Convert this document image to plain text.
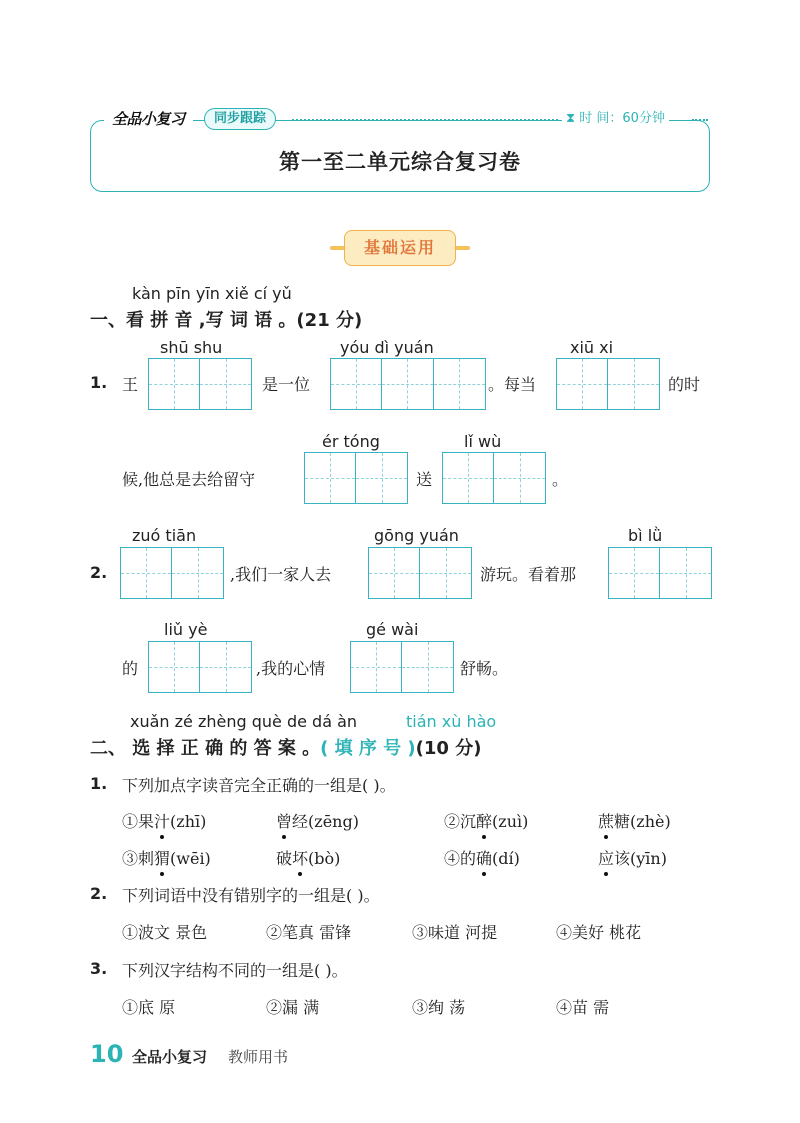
全品小复习	同步跟踪	⧗ 时 间：60分钟
第一至二单元综合复习卷
基础运用
kàn pīn yīn xiě cí yǔ
一、看 拼 音 ,写 词 语 。(21 分)
1. 王
shū shu
是一位
yóu dì yuán
。每当
xiū xi
的时
候,他总是去给留守
ér tóng
送
lǐ wù
。
2.
zuó tiān
,我们一家人去
gōng yuán
游玩。看着那
bì lǜ
的
liǔ yè
,我的心情
gé wài
舒畅。
xuǎn zé zhèng què de dá àn	tián xù hào
二、 选 择 正 确 的 答 案 。( 填 序 号 )(10 分)
1. 下列加点字读音完全正确的一组是( )。
①果汁(zhī)	曾经(zēng)	②沉醉(zuì)	蔗糖(zhè)
③刺猬(wēi)	破坏(bò)	④的确(dí)	应该(yīn)
2. 下列词语中没有错别字的一组是( )。
①波文 景色	②笔真 雷锋	③味道 河提	④美好 桃花
3. 下列汉字结构不同的一组是( )。
①底 原	②漏 满	③绚 荡	④苗 需
10 全品小复习 教师用书
